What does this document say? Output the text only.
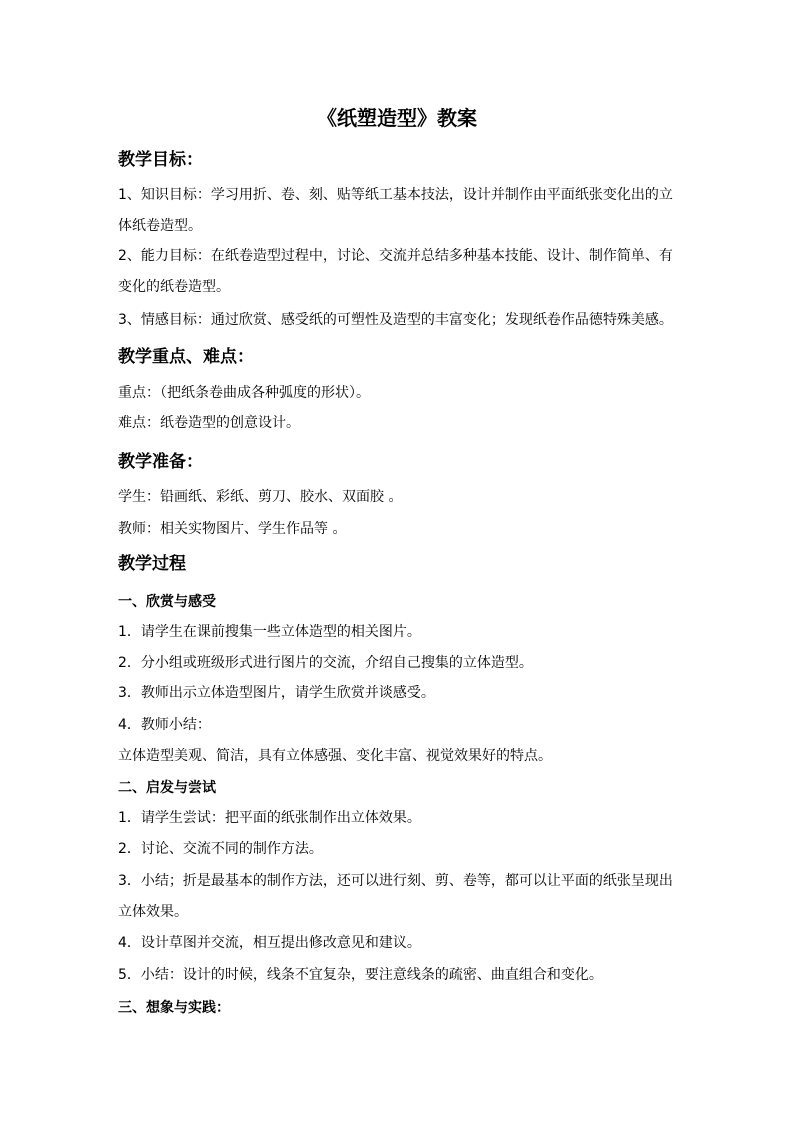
《纸塑造型》教案
教学目标：
1、知识目标：学习用折、卷、刻、贴等纸工基本技法，设计并制作由平面纸张变化出的立体纸卷造型。
2、能力目标：在纸卷造型过程中，讨论、交流并总结多种基本技能、设计、制作简单、有变化的纸卷造型。
3、情感目标：通过欣赏、感受纸的可塑性及造型的丰富变化；发现纸卷作品德特殊美感。
教学重点、难点：
重点：（把纸条卷曲成各种弧度的形状）。
难点：纸卷造型的创意设计。
教学准备：
学生：铅画纸、彩纸、剪刀、胶水、双面胶 。
教师：相关实物图片、学生作品等 。
教学过程
一、欣赏与感受
1．请学生在课前搜集一些立体造型的相关图片。
2．分小组或班级形式进行图片的交流，介绍自己搜集的立体造型。
3．教师出示立体造型图片，请学生欣赏并谈感受。
4．教师小结：
立体造型美观、简洁，具有立体感强、变化丰富、视觉效果好的特点。
二、启发与尝试
1．请学生尝试：把平面的纸张制作出立体效果。
2．讨论、交流不同的制作方法。
3．小结；折是最基本的制作方法，还可以进行刻、剪、卷等，都可以让平面的纸张呈现出立体效果。
4．设计草图并交流，相互提出修改意见和建议。
5．小结：设计的时候，线条不宜复杂，要注意线条的疏密、曲直组合和变化。
三、想象与实践：
